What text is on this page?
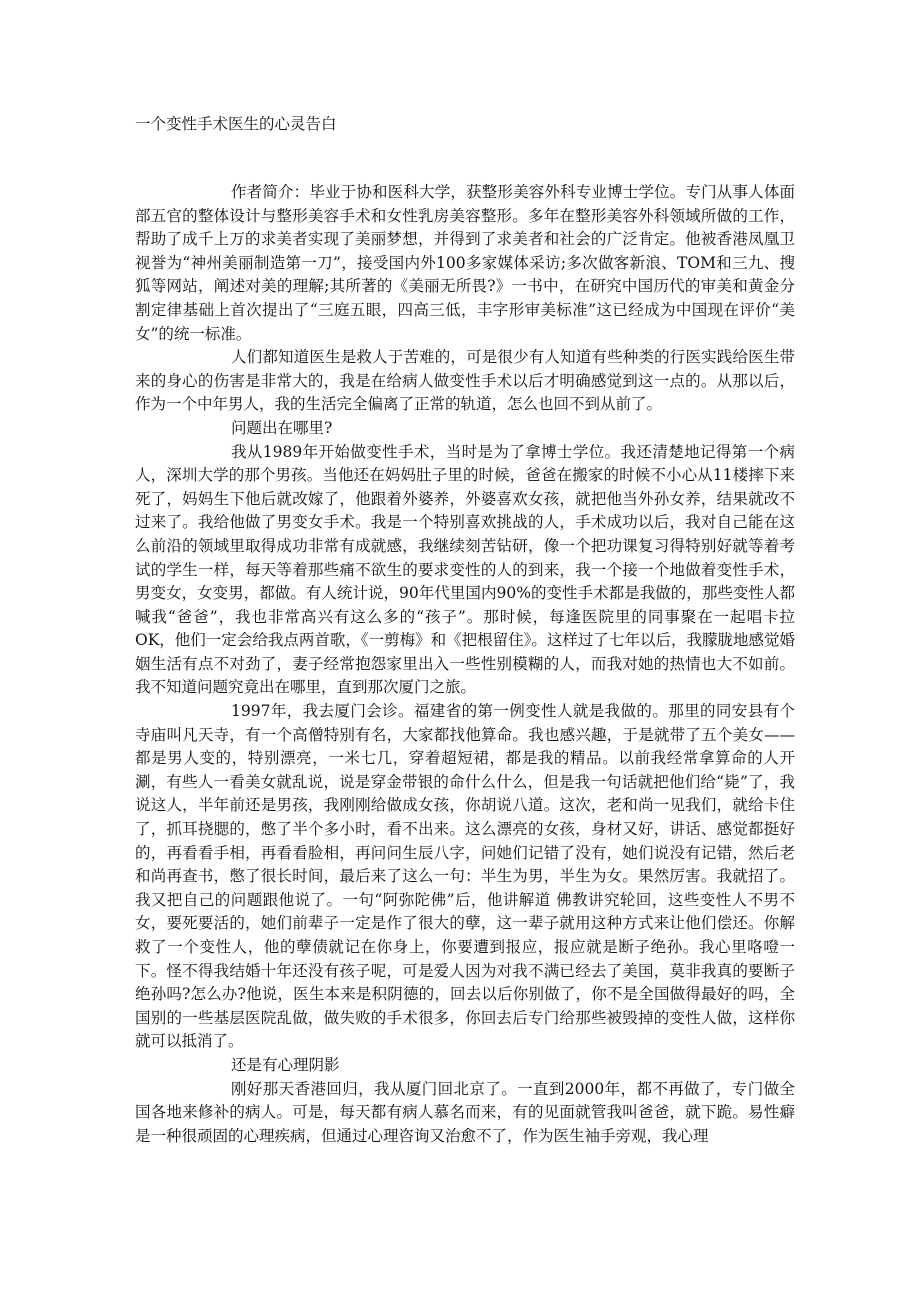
一个变性手术医生的心灵告白

作者简介：毕业于协和医科大学，获整形美容外科专业博士学位。专门从事人体面部五官的整体设计与整形美容手术和女性乳房美容整形。多年在整形美容外科领域所做的工作，帮助了成千上万的求美者实现了美丽梦想，并得到了求美者和社会的广泛肯定。他被香港凤凰卫视誉为“神州美丽制造第一刀”，接受国内外100多家媒体采访;多次做客新浪、TOM和三九、搜狐等网站，阐述对美的理解;其所著的《美丽无所畏?》一书中，在研究中国历代的审美和黄金分割定律基础上首次提出了“三庭五眼，四高三低，丰字形审美标准”这已经成为中国现在评价“美女”的统一标准。

人们都知道医生是救人于苦难的，可是很少有人知道有些种类的行医实践给医生带来的身心的伤害是非常大的，我是在给病人做变性手术以后才明确感觉到这一点的。从那以后，作为一个中年男人，我的生活完全偏离了正常的轨道，怎么也回不到从前了。

问题出在哪里?

我从1989年开始做变性手术，当时是为了拿博士学位。我还清楚地记得第一个病人，深圳大学的那个男孩。当他还在妈妈肚子里的时候，爸爸在搬家的时候不小心从11楼摔下来死了，妈妈生下他后就改嫁了，他跟着外婆养，外婆喜欢女孩，就把他当外孙女养，结果就改不过来了。我给他做了男变女手术。我是一个特别喜欢挑战的人，手术成功以后，我对自己能在这么前沿的领域里取得成功非常有成就感，我继续刻苦钻研，像一个把功课复习得特别好就等着考试的学生一样，每天等着那些痛不欲生的要求变性的人的到来，我一个接一个地做着变性手术，男变女，女变男，都做。有人统计说，90年代里国内90%的变性手术都是我做的，那些变性人都喊我“爸爸”，我也非常高兴有这么多的“孩子”。那时候，每逢医院里的同事聚在一起唱卡拉OK，他们一定会给我点两首歌，《一剪梅》和《把根留住》。这样过了七年以后，我朦胧地感觉婚姻生活有点不对劲了，妻子经常抱怨家里出入一些性别模糊的人，而我对她的热情也大不如前。我不知道问题究竟出在哪里，直到那次厦门之旅。

1997年，我去厦门会诊。福建省的第一例变性人就是我做的。那里的同安县有个寺庙叫凡天寺，有一个高僧特别有名，大家都找他算命。我也感兴趣，于是就带了五个美女——都是男人变的，特别漂亮，一米七几，穿着超短裙，都是我的精品。以前我经常拿算命的人开涮，有些人一看美女就乱说，说是穿金带银的命什么什么，但是我一句话就把他们给“毙”了，我说这人，半年前还是男孩，我刚刚给做成女孩，你胡说八道。这次，老和尚一见我们，就给卡住了，抓耳挠腮的，憋了半个多小时，看不出来。这么漂亮的女孩，身材又好，讲话、感觉都挺好的，再看看手相，再看看脸相，再问问生辰八字，问她们记错了没有，她们说没有记错，然后老和尚再查书，憋了很长时间，最后来了这么一句：半生为男，半生为女。果然厉害。我就招了。我又把自己的问题跟他说了。一句“阿弥陀佛”后，他讲解道 佛教讲究轮回，这些变性人不男不女，要死要活的，她们前辈子一定是作了很大的孽，这一辈子就用这种方式来让他们偿还。你解救了一个变性人，他的孽债就记在你身上，你要遭到报应，报应就是断子绝孙。我心里咯噔一下。怪不得我结婚十年还没有孩子呢，可是爱人因为对我不满已经去了美国，莫非我真的要断子绝孙吗?怎么办?他说，医生本来是积阴德的，回去以后你别做了，你不是全国做得最好的吗，全国别的一些基层医院乱做，做失败的手术很多，你回去后专门给那些被毁掉的变性人做，这样你就可以抵消了。

还是有心理阴影

刚好那天香港回归，我从厦门回北京了。一直到2000年，都不再做了，专门做全国各地来修补的病人。可是，每天都有病人慕名而来，有的见面就管我叫爸爸，就下跪。易性癖是一种很顽固的心理疾病，但通过心理咨询又治愈不了，作为医生袖手旁观，我心理
